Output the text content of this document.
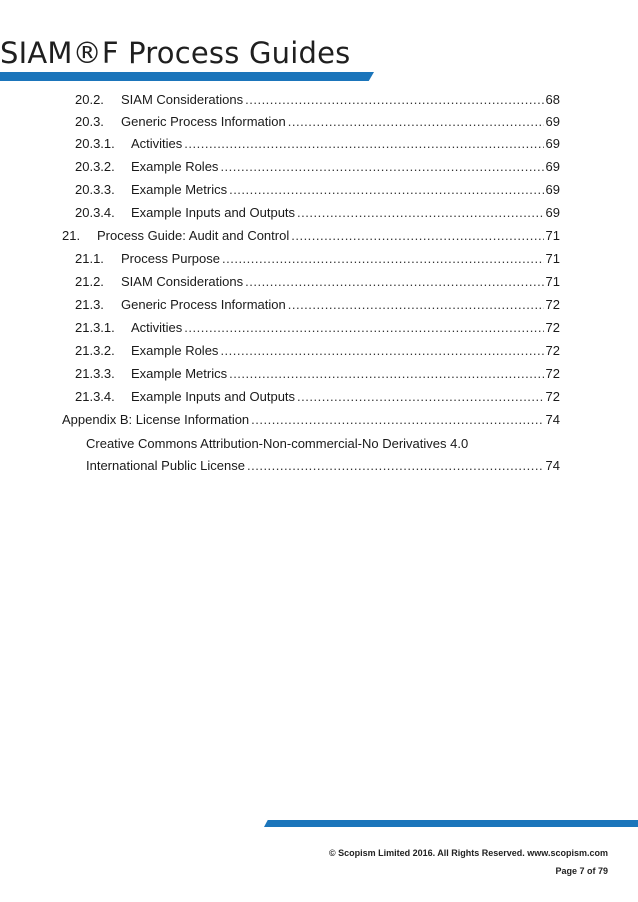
SIAM®F Process Guides
20.2.	SIAM Considerations .....	68
20.3.	Generic Process Information .....	69
20.3.1.	Activities .....	69
20.3.2.	Example Roles .....	69
20.3.3.	Example Metrics .....	69
20.3.4.	Example Inputs and Outputs .....	69
21.	Process Guide: Audit and Control .....	71
21.1.	Process Purpose .....	71
21.2.	SIAM Considerations .....	71
21.3.	Generic Process Information .....	72
21.3.1.	Activities .....	72
21.3.2.	Example Roles .....	72
21.3.3.	Example Metrics .....	72
21.3.4.	Example Inputs and Outputs .....	72
Appendix B: License Information .....	74
Creative Commons Attribution-Non-commercial-No Derivatives 4.0
International Public License .....	74
© Scopism Limited 2016. All Rights Reserved. www.scopism.com
Page 7 of 79
